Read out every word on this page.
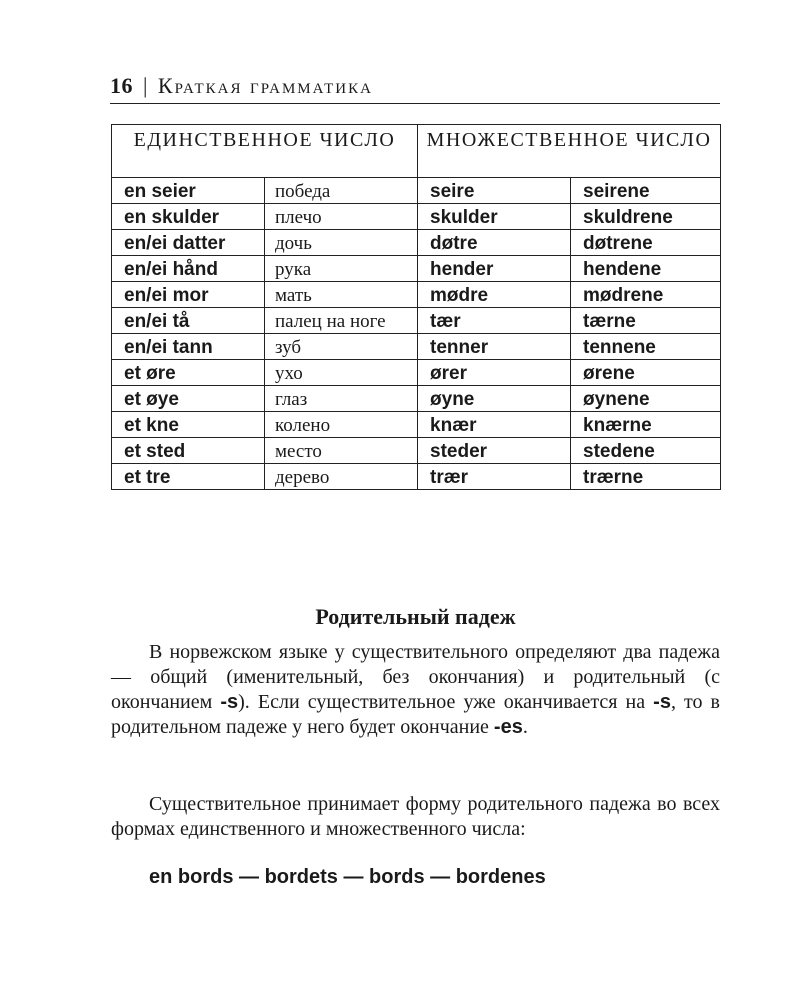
16 | Краткая грамматика
ЕДИНСТВЕННОЕ ЧИСЛО		МНОЖЕСТВЕННОЕ ЧИСЛО	
en seier	победа	seire	seirene
en skulder	плечо	skulder	skuldrene
en/ei datter	дочь	døtre	døtrene
en/ei hånd	рука	hender	hendene
en/ei mor	мать	mødre	mødrene
en/ei tå	палец на ноге	tær	tærne
en/ei tann	зуб	tenner	tennene
et øre	ухо	ører	ørene
et øye	глаз	øyne	øynene
et kne	колено	knær	knærne
et sted	место	steder	stedene
et tre	дерево	trær	trærne
Родительный падеж

В норвежском языке у существительного определяют два падежа — общий (именительный, без окончания) и родительный (с окончанием -s). Если существительное уже оканчивается на -s, то в родительном падеже у него будет окончание -es.

Существительное принимает форму родительного падежа во всех формах единственного и множественного числа:

en bords — bordets — bords — bordenes
